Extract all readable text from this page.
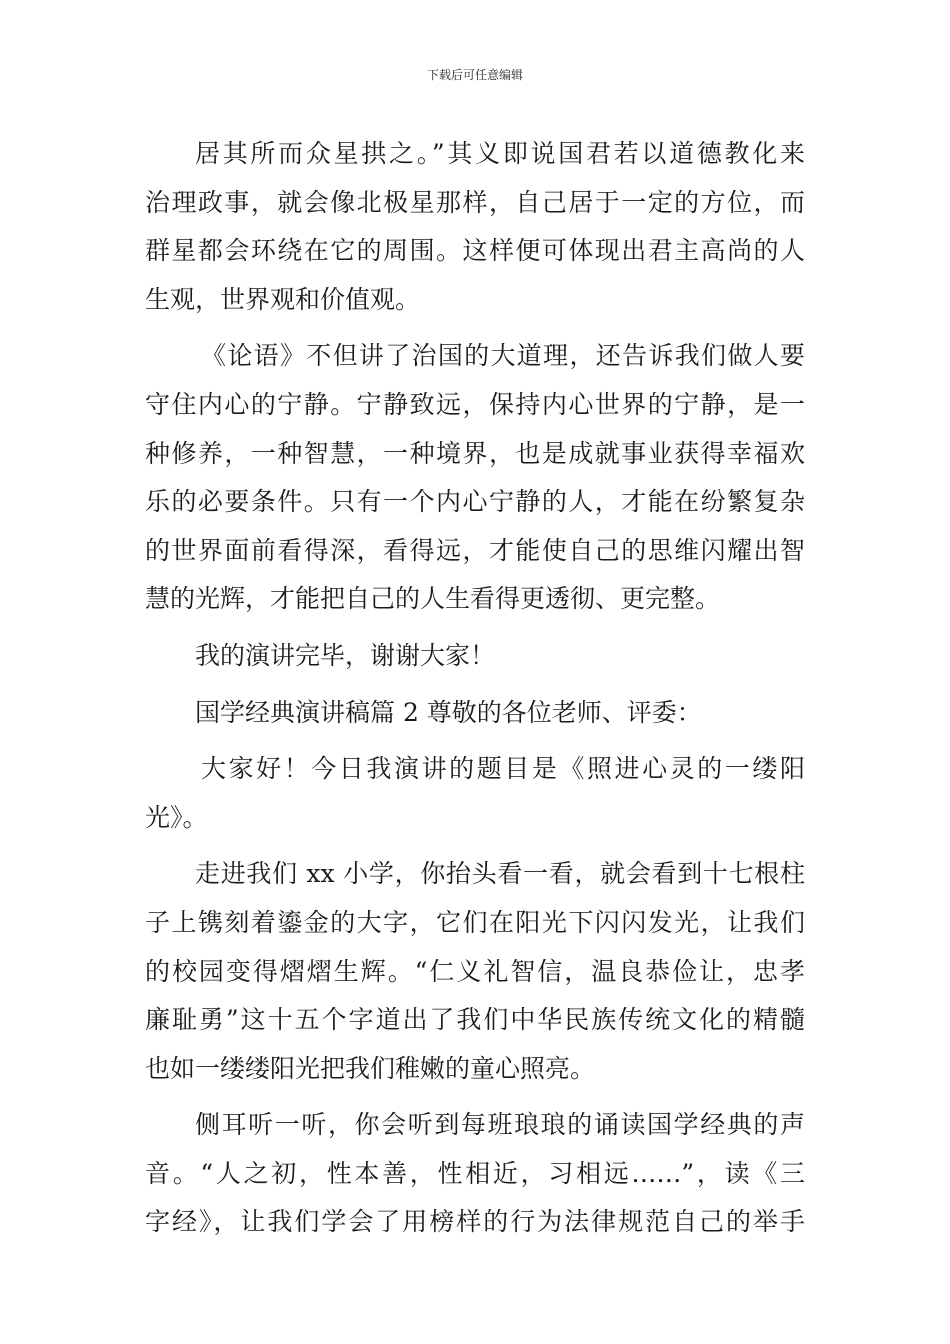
下载后可任意编辑
居其所而众星拱之。”其义即说国君若以道德教化来
治理政事，就会像北极星那样，自己居于一定的方位，而
群星都会环绕在它的周围。这样便可体现出君主高尚的人
生观，世界观和价值观。
《论语》不但讲了治国的大道理，还告诉我们做人要
守住内心的宁静。宁静致远，保持内心世界的宁静，是一
种修养，一种智慧，一种境界，也是成就事业获得幸福欢
乐的必要条件。只有一个内心宁静的人，才能在纷繁复杂
的世界面前看得深，看得远，才能使自己的思维闪耀出智
慧的光辉，才能把自己的人生看得更透彻、更完整。
我的演讲完毕，谢谢大家！
国学经典演讲稿篇 2 尊敬的各位老师、评委：
大家好！今日我演讲的题目是《照进心灵的一缕阳
光》。
走进我们 xx 小学，你抬头看一看，就会看到十七根柱
子上镌刻着鎏金的大字，它们在阳光下闪闪发光，让我们
的校园变得熠熠生辉。“仁义礼智信，温良恭俭让，忠孝
廉耻勇”这十五个字道出了我们中华民族传统文化的精髓
也如一缕缕阳光把我们稚嫩的童心照亮。
侧耳听一听，你会听到每班琅琅的诵读国学经典的声
音。“人之初，性本善，性相近，习相远……”，读《三
字经》，让我们学会了用榜样的行为法律规范自己的举手
